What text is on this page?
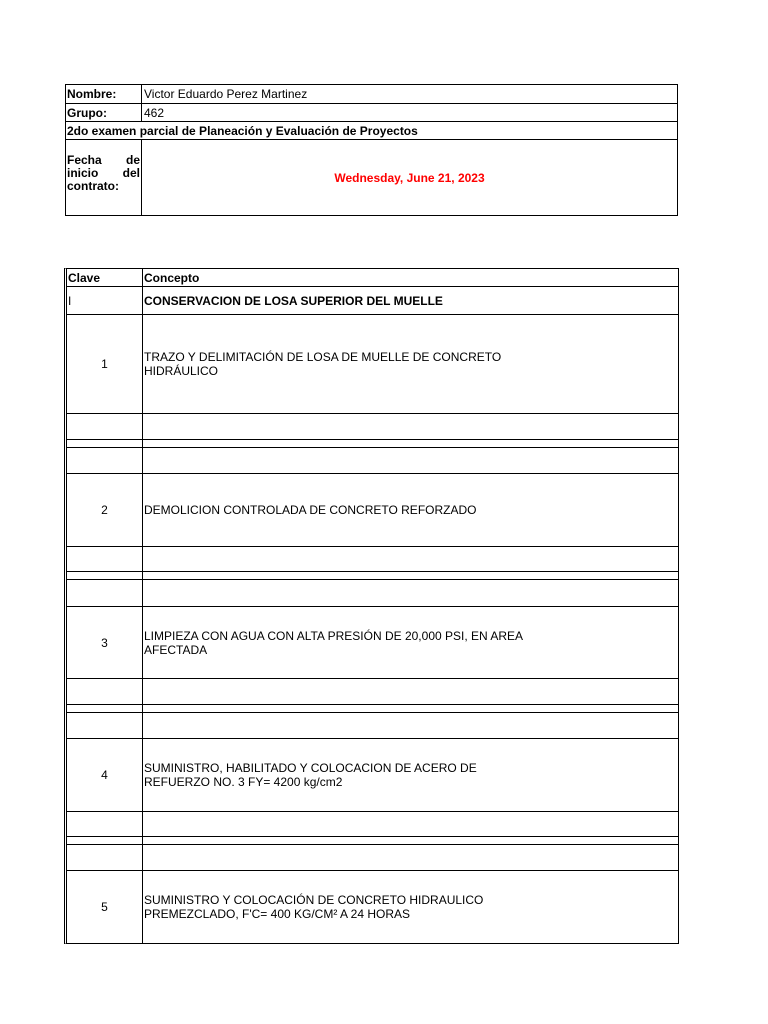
Nombre:	Victor Eduardo Perez Martinez
Grupo:	462
2do examen parcial de Planeación y Evaluación de Proyectos
Fecha de inicio del contrato:
Wednesday, June 21, 2023
Clave	Concepto
I	CONSERVACION DE LOSA SUPERIOR DEL MUELLE
1	TRAZO Y DELIMITACIÓN DE LOSA DE MUELLE DE CONCRETO
HIDRÁULICO
2	DEMOLICION CONTROLADA DE CONCRETO REFORZADO
3	LIMPIEZA CON AGUA CON ALTA PRESIÓN DE 20,000 PSI, EN AREA
AFECTADA
4	SUMINISTRO, HABILITADO Y COLOCACION DE ACERO DE
REFUERZO NO. 3 FY= 4200 kg/cm2
5	SUMINISTRO Y COLOCACIÓN DE CONCRETO HIDRAULICO
PREMEZCLADO, F'C= 400 KG/CM² A 24 HORAS
